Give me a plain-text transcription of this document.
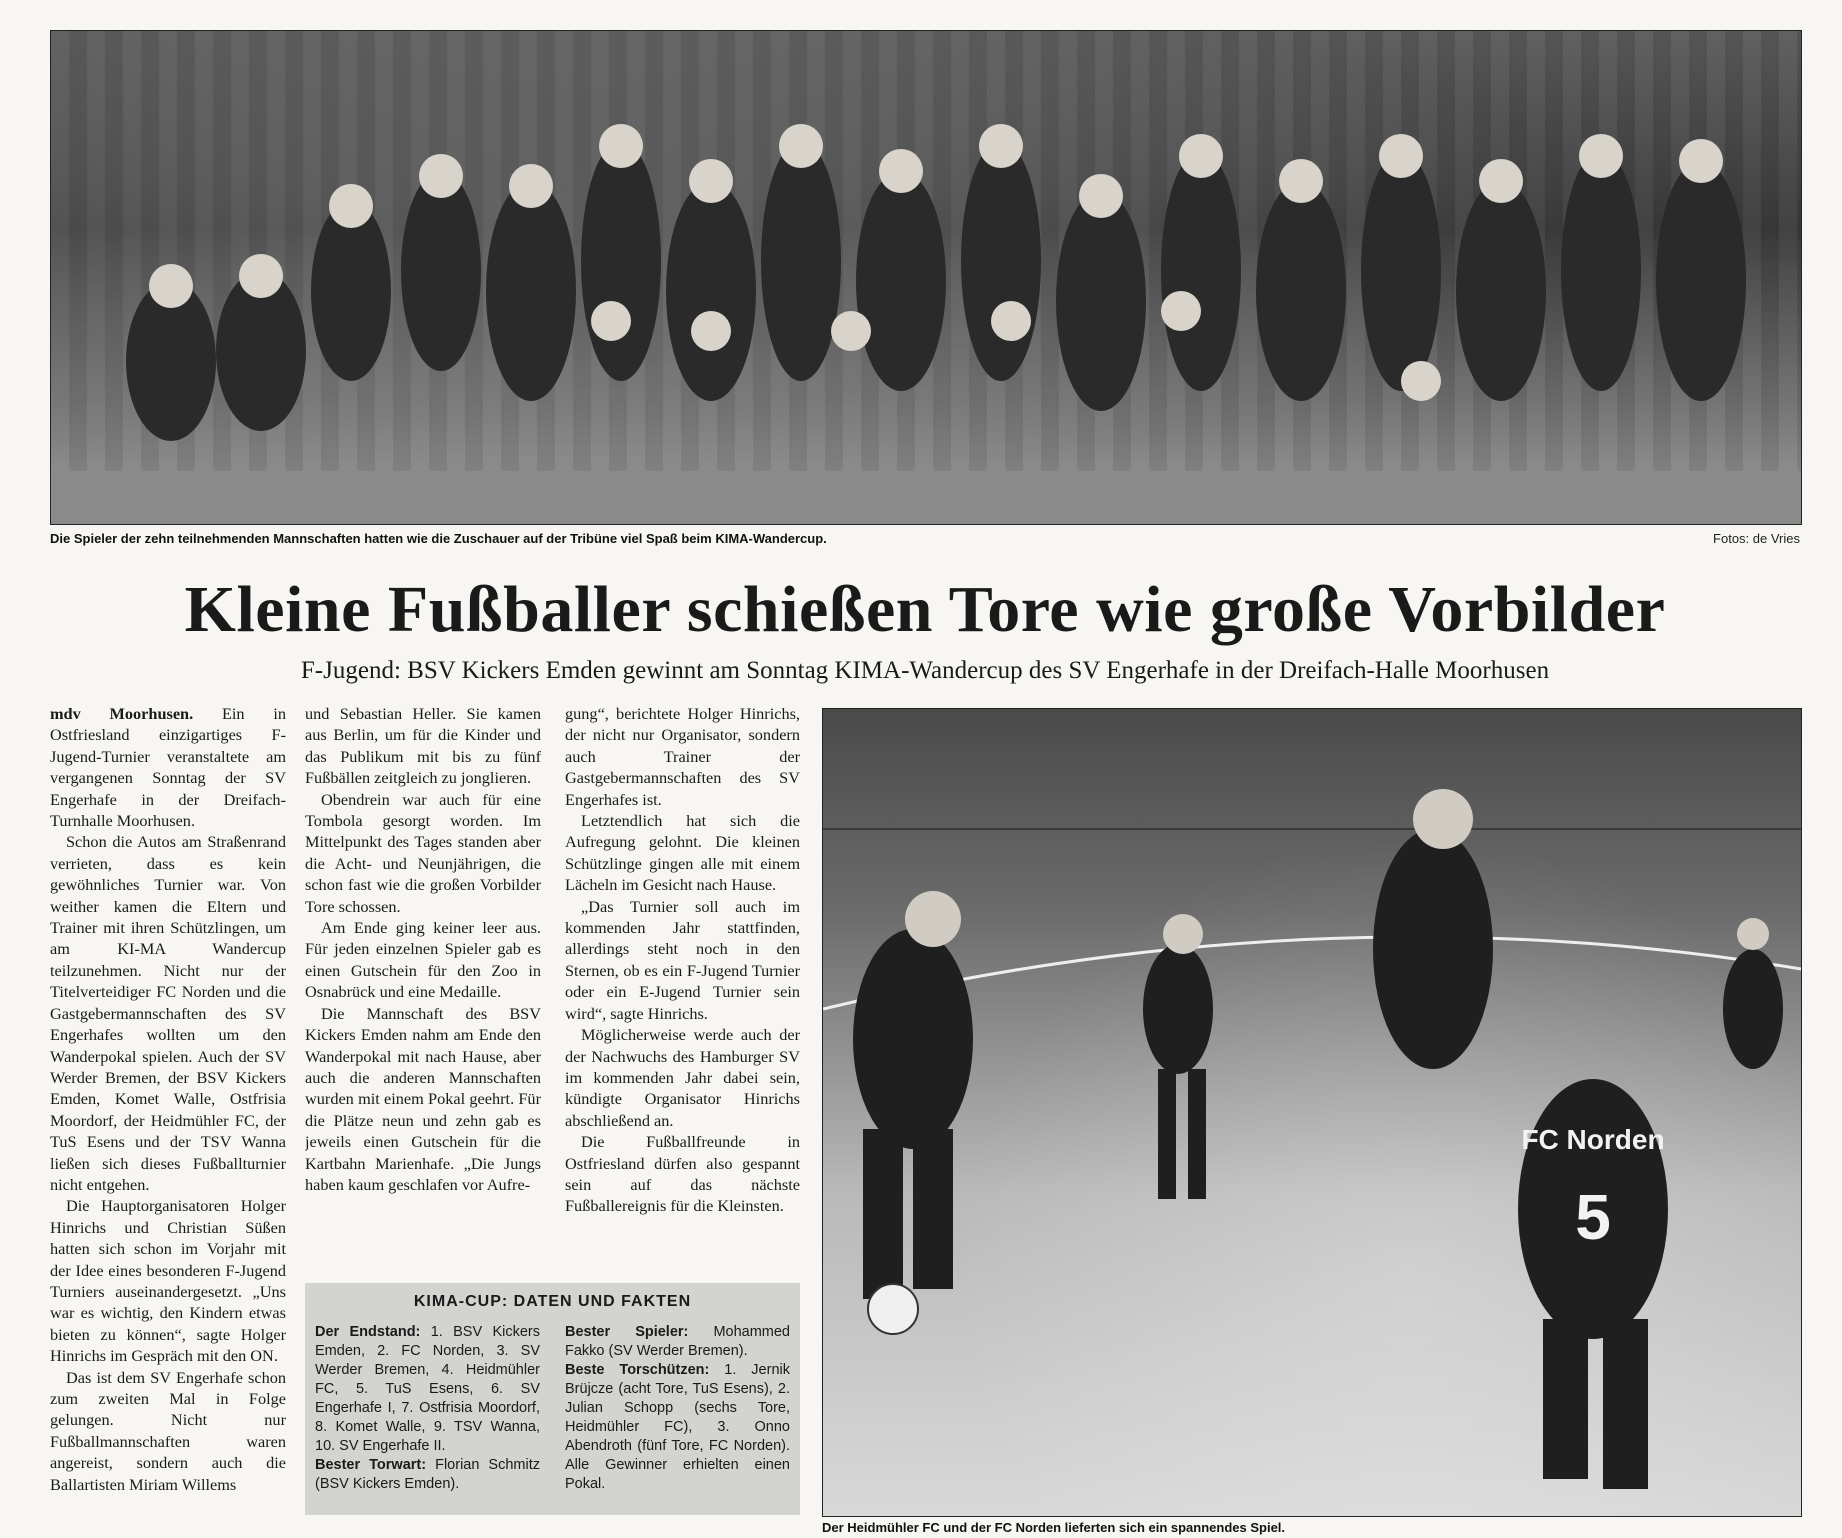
Die Spieler der zehn teilnehmenden Mannschaften hatten wie die Zuschauer auf der Tribüne viel Spaß beim KIMA-Wandercup.	Fotos: de Vries
Kleine Fußballer schießen Tore wie große Vorbilder
F-Jugend: BSV Kickers Emden gewinnt am Sonntag KIMA-Wandercup des SV Engerhafe in der Dreifach-Halle Moorhusen

mdv Moorhusen. Ein in Ostfriesland einzigartiges F-Jugend-Turnier veranstaltete am vergangenen Sonntag der SV Engerhafe in der Dreifach-Turnhalle Moorhusen.

Schon die Autos am Straßenrand verrieten, dass es kein gewöhnliches Turnier war. Von weither kamen die Eltern und Trainer mit ihren Schützlingen, um am KI-MA Wandercup teilzunehmen. Nicht nur der Titelverteidiger FC Norden und die Gastgebermannschaften des SV Engerhafes wollten um den Wanderpokal spielen. Auch der SV Werder Bremen, der BSV Kickers Emden, Komet Walle, Ostfrisia Moordorf, der Heidmühler FC, der TuS Esens und der TSV Wanna ließen sich dieses Fußballturnier nicht entgehen.

Die Hauptorganisatoren Holger Hinrichs und Christian Süßen hatten sich schon im Vorjahr mit der Idee eines besonderen F-Jugend Turniers auseinandergesetzt. „Uns war es wichtig, den Kindern etwas bieten zu können“, sagte Holger Hinrichs im Gespräch mit den ON.

Das ist dem SV Engerhafe schon zum zweiten Mal in Folge gelungen. Nicht nur Fußballmannschaften waren angereist, sondern auch die Ballartisten Miriam Willems

und Sebastian Heller. Sie kamen aus Berlin, um für die Kinder und das Publikum mit bis zu fünf Fußbällen zeitgleich zu jonglieren.

Obendrein war auch für eine Tombola gesorgt worden. Im Mittelpunkt des Tages standen aber die Acht- und Neunjährigen, die schon fast wie die großen Vorbilder Tore schossen.

Am Ende ging keiner leer aus. Für jeden einzelnen Spieler gab es einen Gutschein für den Zoo in Osnabrück und eine Medaille.

Die Mannschaft des BSV Kickers Emden nahm am Ende den Wanderpokal mit nach Hause, aber auch die anderen Mannschaften wurden mit einem Pokal geehrt. Für die Plätze neun und zehn gab es jeweils einen Gutschein für die Kartbahn Marienhafe. „Die Jungs haben kaum geschlafen vor Aufre-

gung“, berichtete Holger Hinrichs, der nicht nur Organisator, sondern auch Trainer der Gastgebermannschaften des SV Engerhafes ist.

Letztendlich hat sich die Aufregung gelohnt. Die kleinen Schützlinge gingen alle mit einem Lächeln im Gesicht nach Hause.

„Das Turnier soll auch im kommenden Jahr stattfinden, allerdings steht noch in den Sternen, ob es ein F-Jugend Turnier oder ein E-Jugend Turnier sein wird“, sagte Hinrichs.

Möglicherweise werde auch der der Nachwuchs des Hamburger SV im kommenden Jahr dabei sein, kündigte Organisator Hinrichs abschließend an.

Die Fußballfreunde in Ostfriesland dürfen also gespannt sein auf das nächste Fußballereignis für die Kleinsten.

KIMA-CUP: DATEN UND FAKTEN

Der Endstand: 1. BSV Kickers Emden, 2. FC Norden, 3. SV Werder Bremen, 4. Heidmühler FC, 5. TuS Esens, 6. SV Engerhafe I, 7. Ostfrisia Moordorf, 8. Komet Walle, 9. TSV Wanna, 10. SV Engerhafe II.

Bester Torwart: Florian Schmitz (BSV Kickers Emden).

Bester Spieler: Mohammed Fakko (SV Werder Bremen).

Beste Torschützen: 1. Jernik Brüjcze (acht Tore, TuS Esens), 2. Julian Schopp (sechs Tore, Heidmühler FC), 3. Onno Abendroth (fünf Tore, FC Norden). Alle Gewinner erhielten einen Pokal.

FC Norden
5
Der Heidmühler FC und der FC Norden lieferten sich ein spannendes Spiel.
